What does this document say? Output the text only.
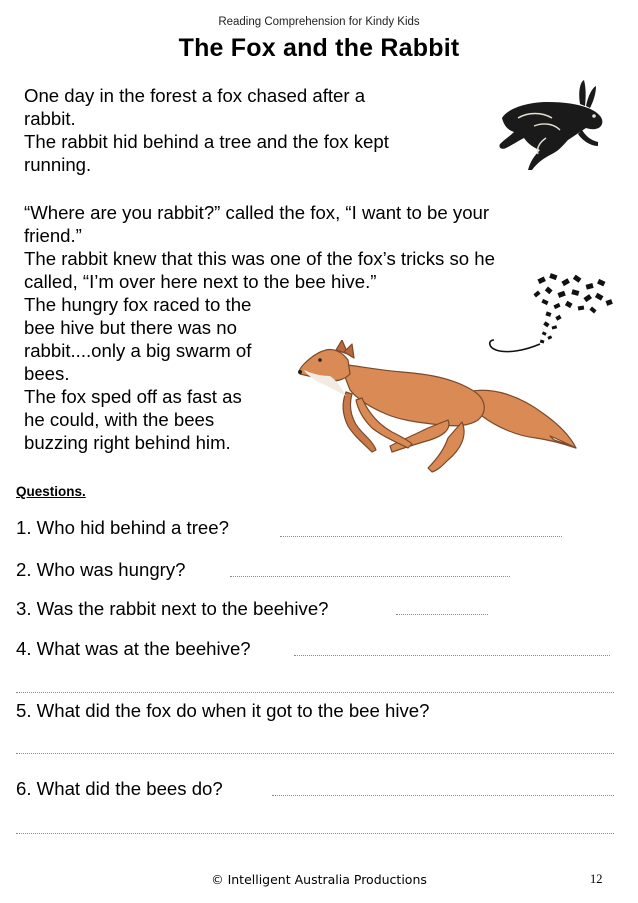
Reading Comprehension for Kindy Kids
The Fox and the Rabbit
One day in the forest a fox chased after a
rabbit.
The rabbit hid behind a tree and the fox kept
running.
“Where are you rabbit?” called the fox, “I want to be your
friend.”
The rabbit knew that this was one of the fox’s tricks so he
called, “I’m over here next to the bee hive.”
The hungry fox raced to the
bee hive but there was no
rabbit....only a big swarm of
bees.
The fox sped off as fast as
he could, with the bees
buzzing right behind him.
Questions.
1. Who hid behind a tree?
2. Who was hungry?
3. Was the rabbit next to the beehive?
4. What was at the beehive?
5. What did the fox do when it got to the bee hive?
6. What did the bees do?
© Intelligent Australia Productions	12
